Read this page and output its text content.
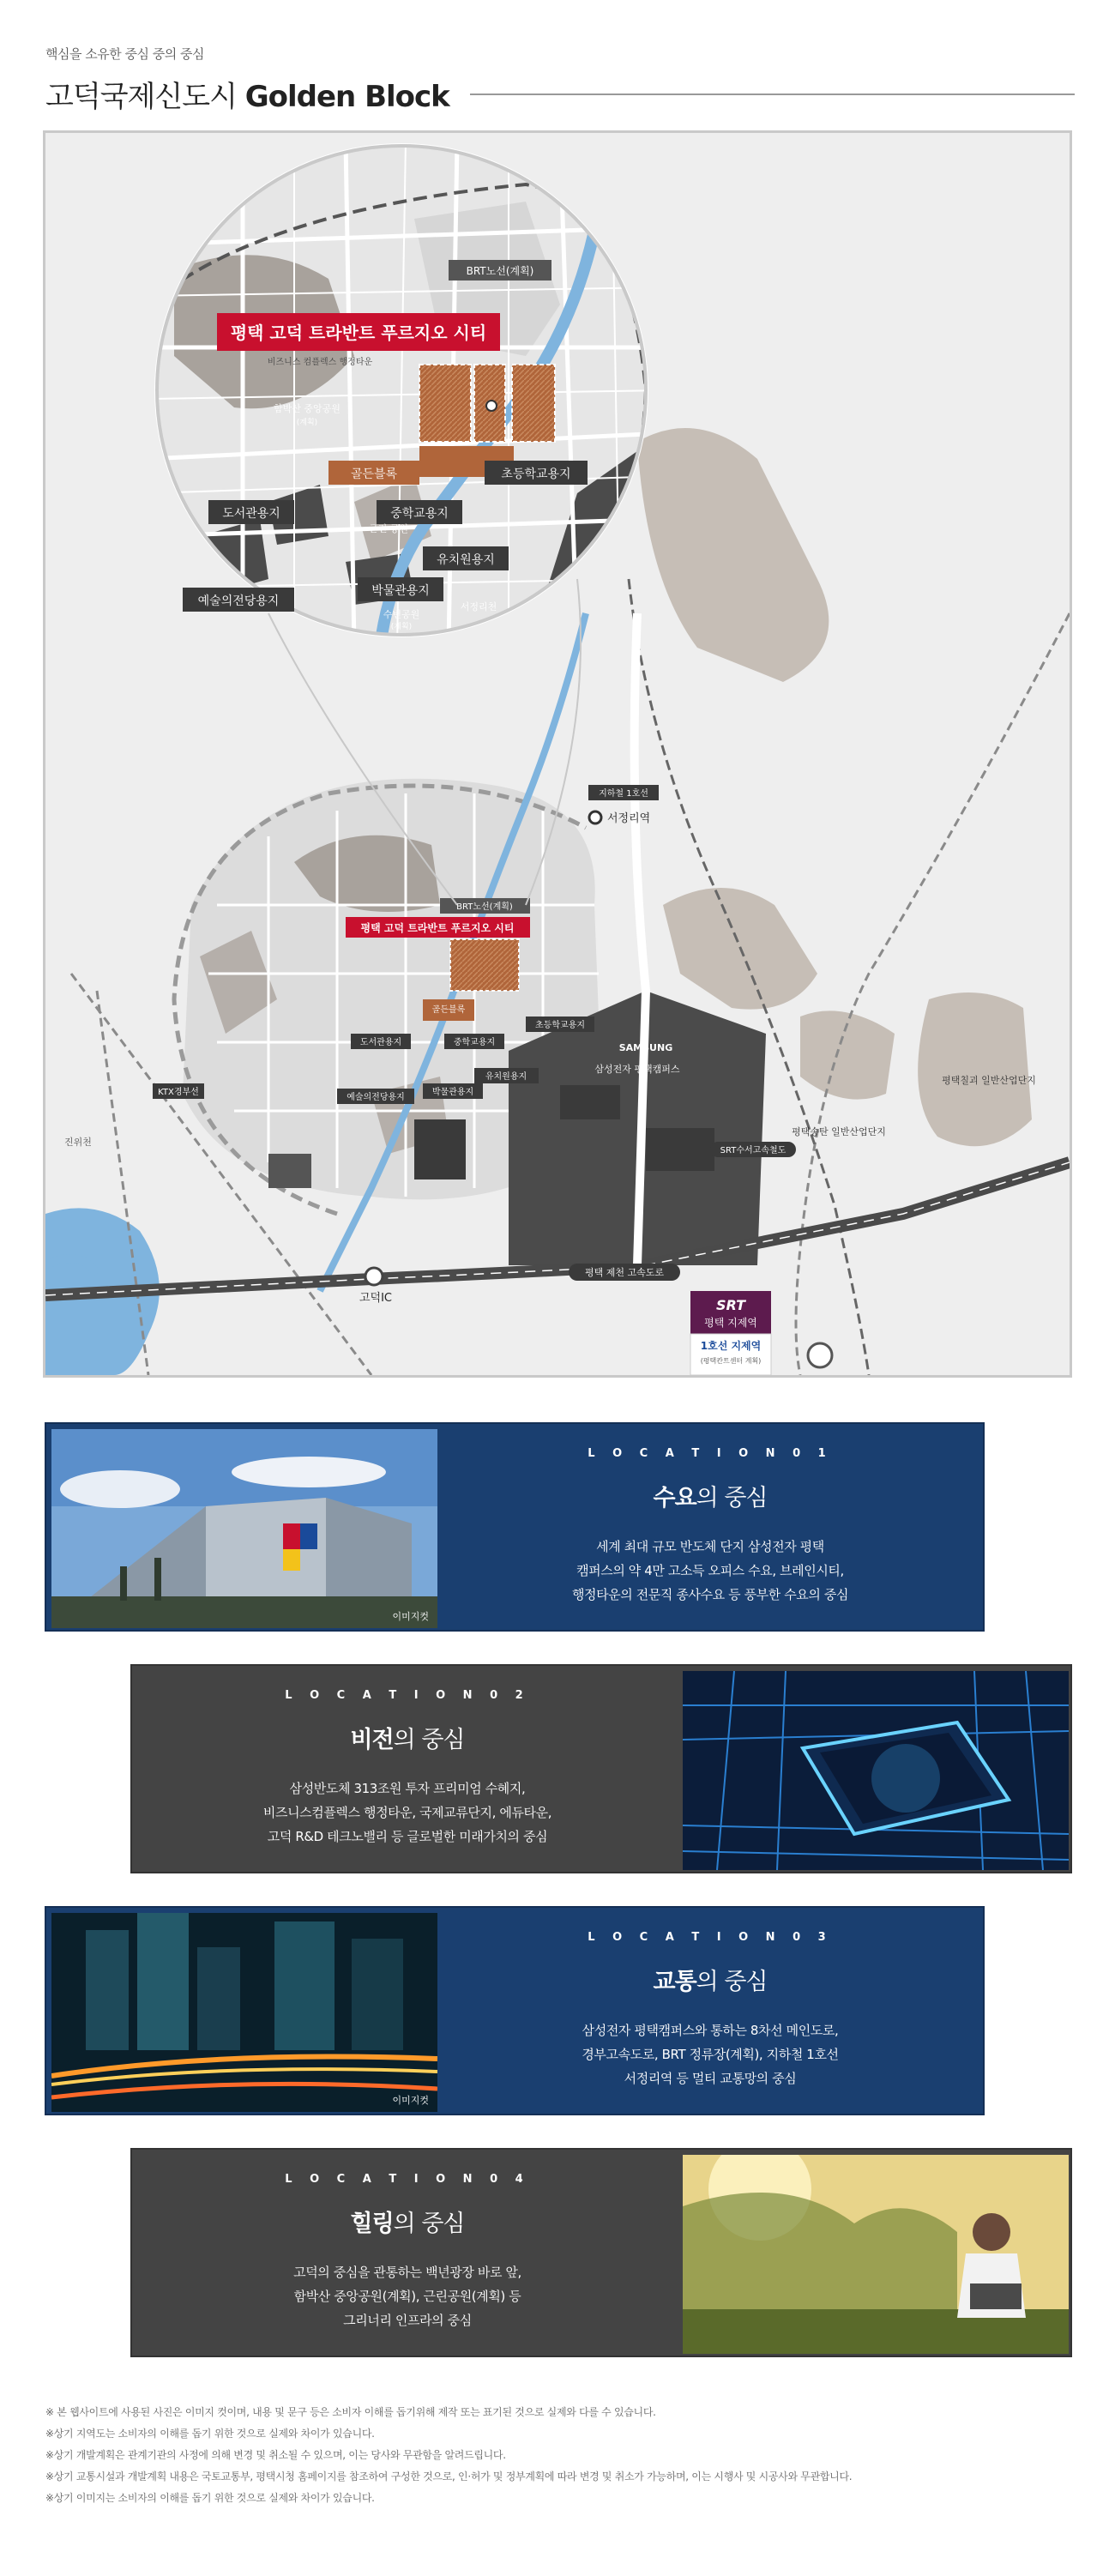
핵심을 소유한 중심 중의 중심
고덕국제신도시 Golden Block
평택 고덕 트라반트 푸르지오 시티
BRT노선(계획)
골든블록
초등학교용지
중학교용지
도서관용지
유치원용지
박물관용지
예술의전당용지
지하철 1호선
서정리역
SAMSUNG
삼성전자 평택캠퍼스
SRT수서고속철도
평택송탄 일반산업단지
평택칠괴 일반산업단지
KTX경부선
진위천
고덕IC
평택 제천 고속도로
SRT
평택 지제역
1호선 지제역
(평택칸트센터 계획)
BRT노선(계획)
평택 고덕 트라반트 푸르지오 시티
골든블록	초등학교용지
중학교용지
도서관용지
유치원용지
박물관용지
예술의전당용지
비즈니스 컴플렉스 행정타운
함박산 중앙공원
(계획)
근린 공원
수변공원
(계획)
서정리천
이미지컷
L O C A T I O N 0 1
수요의 중심
세계 최대 규모 반도체 단지 삼성전자 평택
캠퍼스의 약 4만 고소득 오피스 수요, 브레인시티,
행정타운의 전문직 종사수요 등 풍부한 수요의 중심
L O C A T I O N 0 2
비전의 중심
삼성반도체 313조원 투자 프리미엄 수혜지,
비즈니스컴플렉스 행정타운, 국제교류단지, 에듀타운,
고덕 R&D 테크노밸리 등 글로벌한 미래가치의 중심
이미지컷
L O C A T I O N 0 3
교통의 중심
삼성전자 평택캠퍼스와 통하는 8차선 메인도로,
경부고속도로, BRT 정류장(계획), 지하철 1호선
서정리역 등 멀티 교통망의 중심
L O C A T I O N 0 4
힐링의 중심
고덕의 중심을 관통하는 백년광장 바로 앞,
함박산 중앙공원(계획), 근린공원(계획) 등
그리너리 인프라의 중심

※ 본 웹사이트에 사용된 사진은 이미지 컷이며, 내용 및 문구 등은 소비자 이해를 돕기위해 제작 또는 표기된 것으로 실제와 다를 수 있습니다.

※상기 지역도는 소비자의 이해를 돕기 위한 것으로 실제와 차이가 있습니다.

※상기 개발계획은 관계기관의 사정에 의해 변경 및 취소될 수 있으며, 이는 당사와 무관함을 알려드립니다.

※상기 교통시설과 개발계획 내용은 국토교통부, 평택시청 홈페이지를 참조하여 구성한 것으로, 인·허가 및 정부계획에 따라 변경 및 취소가 가능하며, 이는 시행사 및 시공사와 무관합니다.

※상기 이미지는 소비자의 이해를 돕기 위한 것으로 실제와 차이가 있습니다.
